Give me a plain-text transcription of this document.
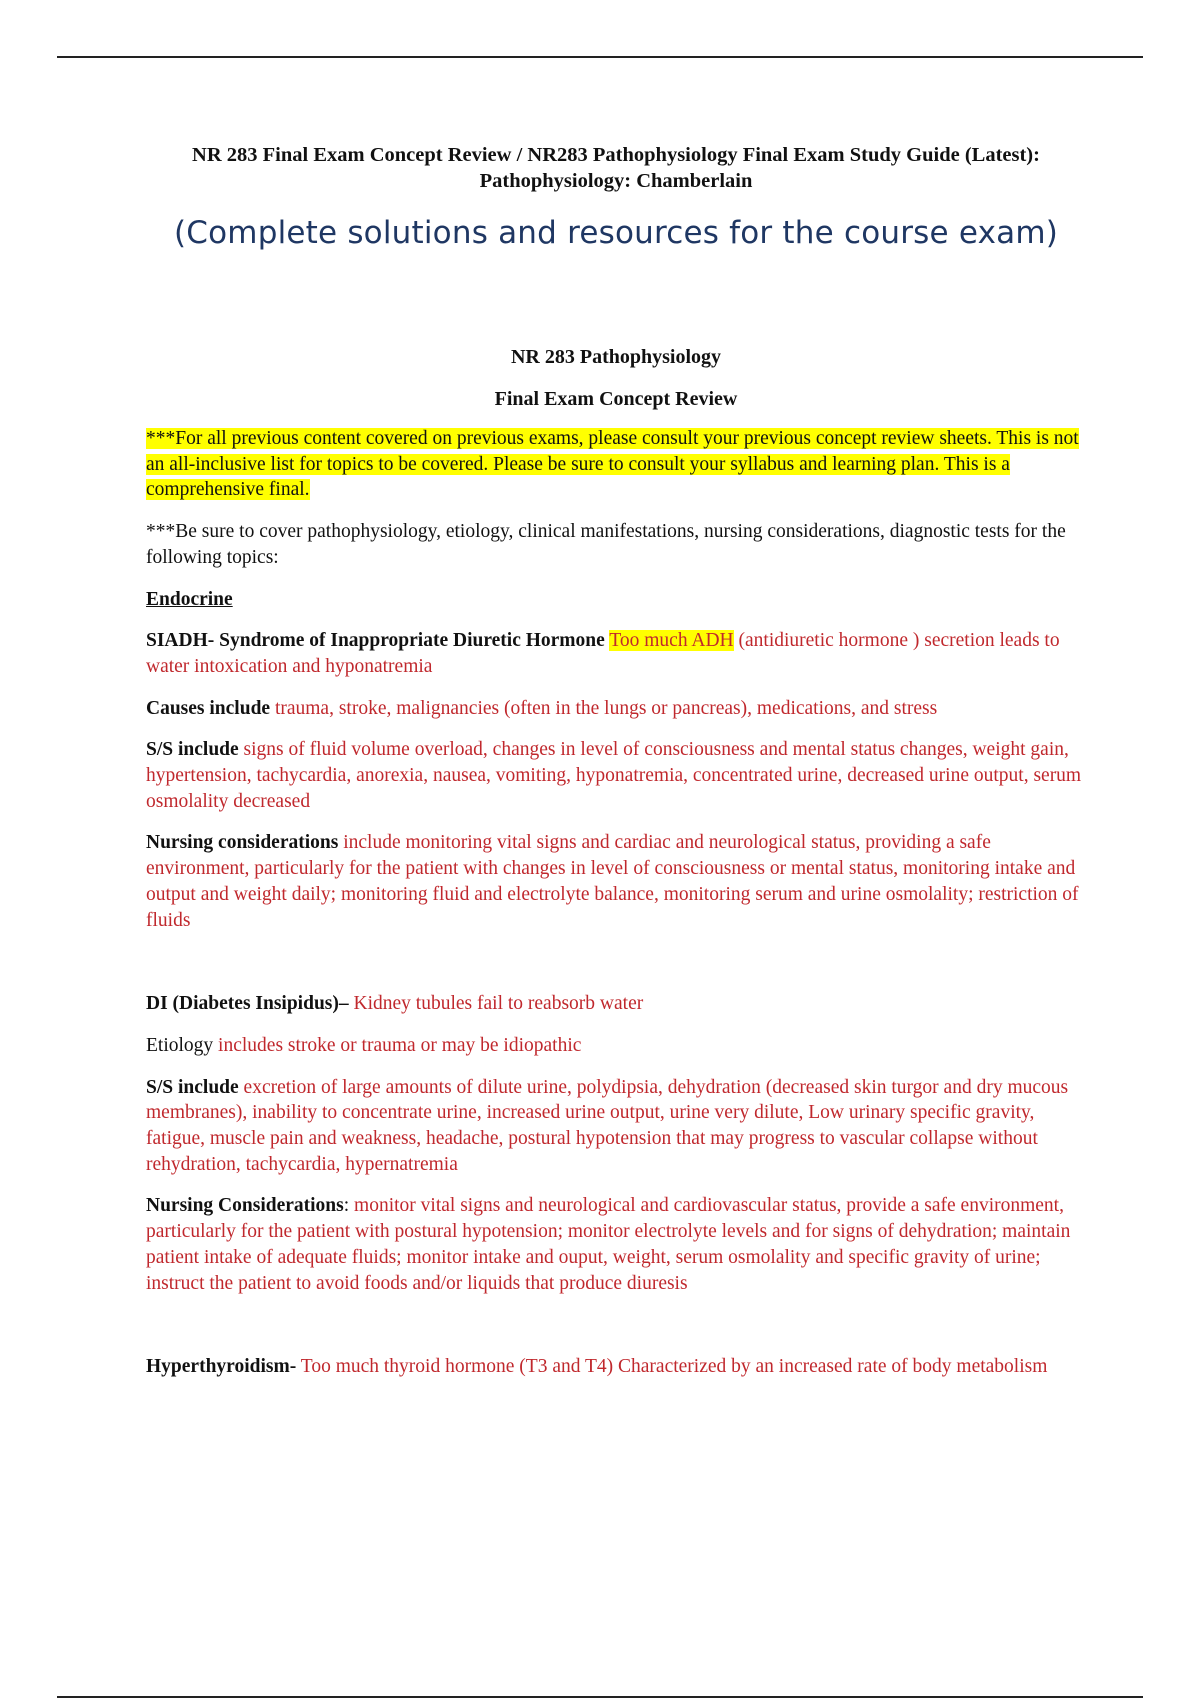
NR 283 Final Exam Concept Review / NR283 Pathophysiology Final Exam Study Guide (Latest):
Pathophysiology: Chamberlain
(Complete solutions and resources for the course exam)
NR 283 Pathophysiology
Final Exam Concept Review

***For all previous content covered on previous exams, please consult your previous concept review sheets. This is not an all-inclusive list for topics to be covered. Please be sure to consult your syllabus and learning plan. This is a comprehensive final.

***Be sure to cover pathophysiology, etiology, clinical manifestations, nursing considerations, diagnostic tests for the following topics:

Endocrine

SIADH- Syndrome of Inappropriate Diuretic Hormone Too much ADH (antidiuretic hormone ) secretion leads to water intoxication and hyponatremia

Causes include trauma, stroke, malignancies (often in the lungs or pancreas), medications, and stress

S/S include signs of fluid volume overload, changes in level of consciousness and mental status changes, weight gain, hypertension, tachycardia, anorexia, nausea, vomiting, hyponatremia, concentrated urine, decreased urine output, serum osmolality decreased

Nursing considerations include monitoring vital signs and cardiac and neurological status, providing a safe environment, particularly for the patient with changes in level of consciousness or mental status, monitoring intake and output and weight daily; monitoring fluid and electrolyte balance, monitoring serum and urine osmolality; restriction of fluids

DI (Diabetes Insipidus)– Kidney tubules fail to reabsorb water

Etiology includes stroke or trauma or may be idiopathic

S/S include excretion of large amounts of dilute urine, polydipsia, dehydration (decreased skin turgor and dry mucous membranes), inability to concentrate urine, increased urine output, urine very dilute, Low urinary specific gravity, fatigue, muscle pain and weakness, headache, postural hypotension that may progress to vascular collapse without rehydration, tachycardia, hypernatremia

Nursing Considerations: monitor vital signs and neurological and cardiovascular status, provide a safe environment, particularly for the patient with postural hypotension; monitor electrolyte levels and for signs of dehydration; maintain patient intake of adequate fluids; monitor intake and ouput, weight, serum osmolality and specific gravity of urine; instruct the patient to avoid foods and/or liquids that produce diuresis

Hyperthyroidism- Too much thyroid hormone (T3 and T4) Characterized by an increased rate of body metabolism
